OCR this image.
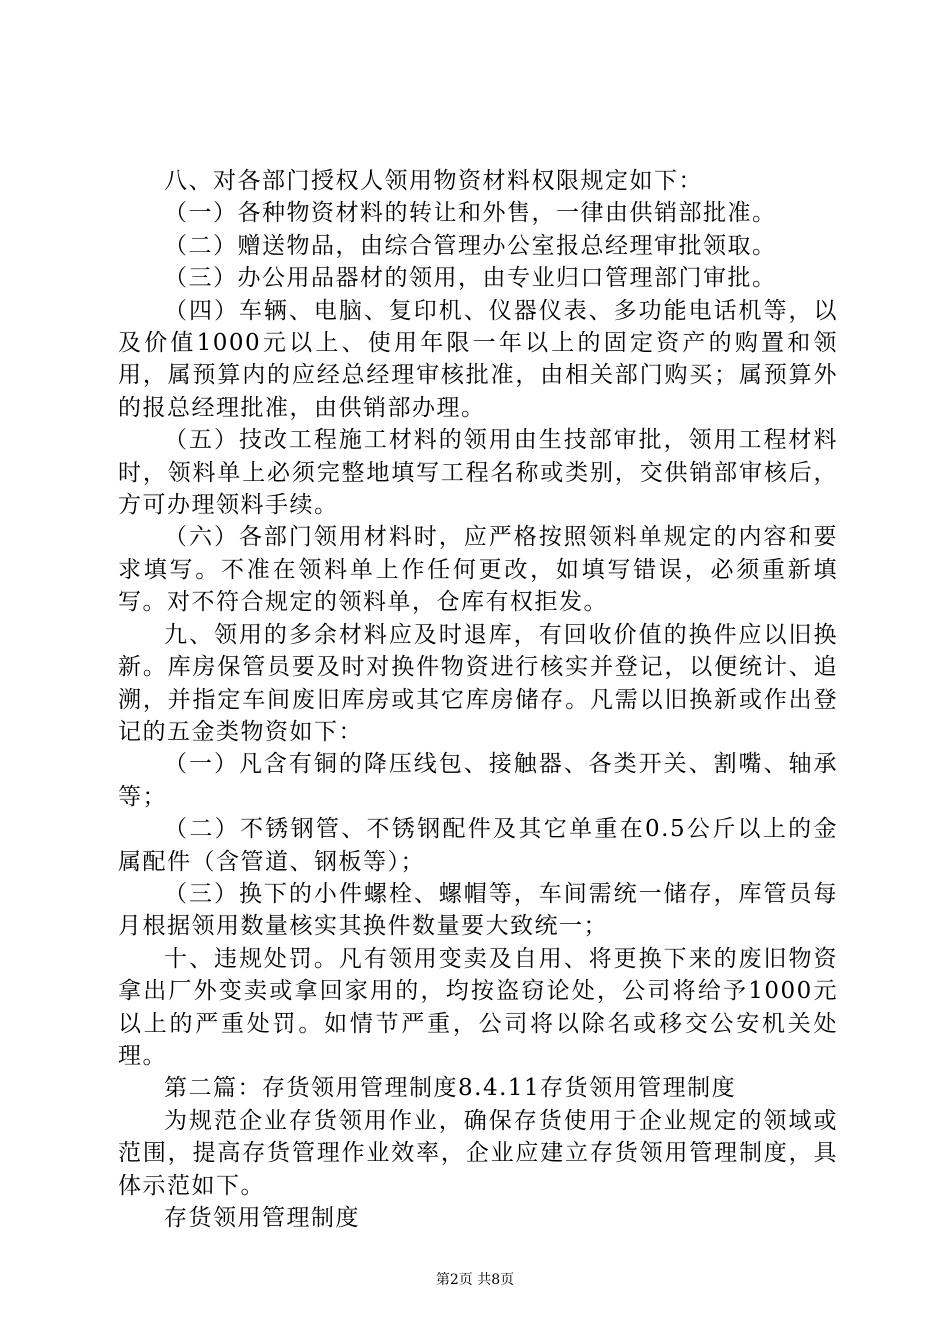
八、对各部门授权人领用物资材料权限规定如下：

（一）各种物资材料的转让和外售，一律由供销部批准。

（二）赠送物品，由综合管理办公室报总经理审批领取。

（三）办公用品器材的领用，由专业归口管理部门审批。

（四）车辆、电脑、复印机、仪器仪表、多功能电话机等，以及价值1000元以上、使用年限一年以上的固定资产的购置和领用，属预算内的应经总经理审核批准，由相关部门购买；属预算外的报总经理批准，由供销部办理。

（五）技改工程施工材料的领用由生技部审批，领用工程材料时，领料单上必须完整地填写工程名称或类别，交供销部审核后，方可办理领料手续。

（六）各部门领用材料时，应严格按照领料单规定的内容和要求填写。不准在领料单上作任何更改，如填写错误，必须重新填写。对不符合规定的领料单，仓库有权拒发。

九、领用的多余材料应及时退库，有回收价值的换件应以旧换新。库房保管员要及时对换件物资进行核实并登记，以便统计、追溯，并指定车间废旧库房或其它库房储存。凡需以旧换新或作出登记的五金类物资如下：

（一）凡含有铜的降压线包、接触器、各类开关、割嘴、轴承等；

（二）不锈钢管、不锈钢配件及其它单重在0.5公斤以上的金属配件（含管道、钢板等）；

（三）换下的小件螺栓、螺帽等，车间需统一储存，库管员每月根据领用数量核实其换件数量要大致统一；

十、违规处罚。凡有领用变卖及自用、将更换下来的废旧物资拿出厂外变卖或拿回家用的，均按盗窃论处，公司将给予1000元以上的严重处罚。如情节严重，公司将以除名或移交公安机关处理。

第二篇：存货领用管理制度8.4.11存货领用管理制度

为规范企业存货领用作业，确保存货使用于企业规定的领域或范围，提高存货管理作业效率，企业应建立存货领用管理制度，具体示范如下。

存货领用管理制度

第2页 共8页
